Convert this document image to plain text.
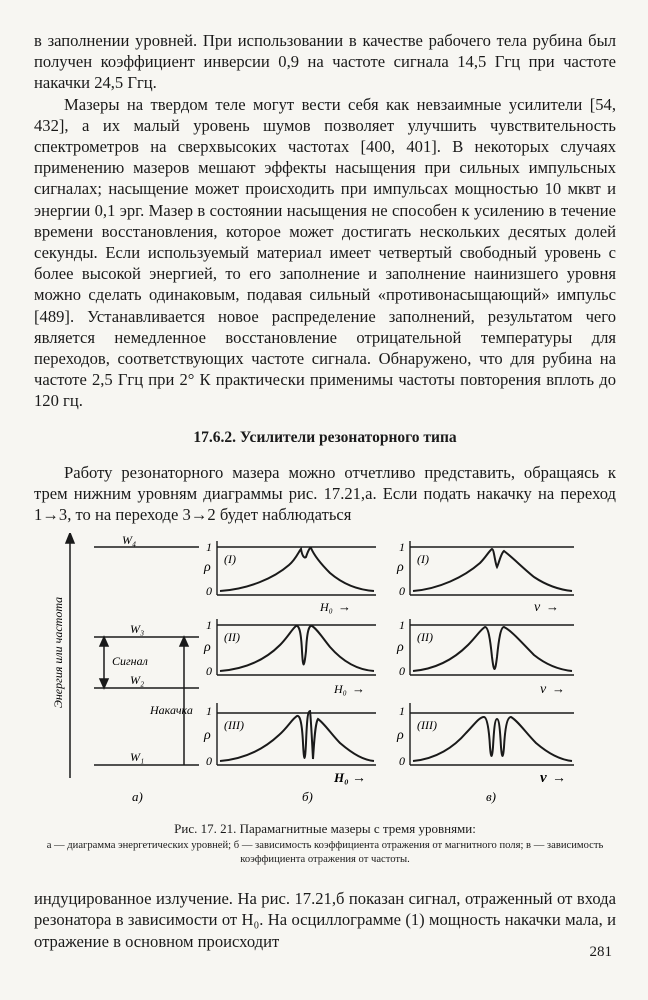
в заполнении уровней. При использовании в качестве рабочего тела рубина был получен коэффициент инверсии 0,9 на частоте сигнала 14,5 Ггц при частоте накачки 24,5 Ггц.

Мазеры на твердом теле могут вести себя как невзаимные усилители [54, 432], а их малый уровень шумов позволяет улучшить чувствительность спектрометров на сверхвысоких частотах [400, 401]. В некоторых случаях применению мазеров мешают эффекты насыщения при сильных импульсных сигналах; насыщение может происходить при импульсах мощностью 10 мквт и энергии 0,1 эрг. Мазер в состоянии насыщения не способен к усилению в течение времени восстановления, которое может достигать нескольких десятых долей секунды. Если используемый материал имеет четвертый свободный уровень с более высокой энергией, то его заполнение и заполнение наинизшего уровня можно сделать одинаковым, подавая сильный «противонасыщающий» импульс [489]. Устанавливается новое распределение заполнений, результатом чего является немедленное восстановление отрицательной температуры для переходов, соответствующих частоте сигнала. Обнаружено, что для рубина на частоте 2,5 Ггц при 2° К практически применимы частоты повторения вплоть до 120 гц.

17.6.2. Усилители резонаторного типа

Работу резонаторного мазера можно отчетливо представить, обращаясь к трем нижним уровням диаграммы рис. 17.21,а. Если подать накачку на переход 1→3, то на переходе 3→2 будет наблюдаться

Энергия или частота
W₄
W₃
W₂
W₁
Сигнал
Накачка
а)
1
ρ
0
(I)
H₀ →
1
ρ
0
(II)
H₀ →
1
ρ
0
(III)
H₀ →
б)
1
ρ
0
(I)
ν →
1
ρ
0
(II)
ν →
1
ρ
0
(III)
ν →
в)
Рис. 17. 21. Парамагнитные мазеры с тремя уровнями:
а — диаграмма энергетических уровней; б — зависимость коэффициента отражения от магнитного поля; в — зависимость коэффициента отражения от частоты.

индуцированное излучение. На рис. 17.21,б показан сигнал, отраженный от входа резонатора в зависимости от H₀. На осциллограмме (1) мощность накачки мала, и отражение в основном происходит

281
